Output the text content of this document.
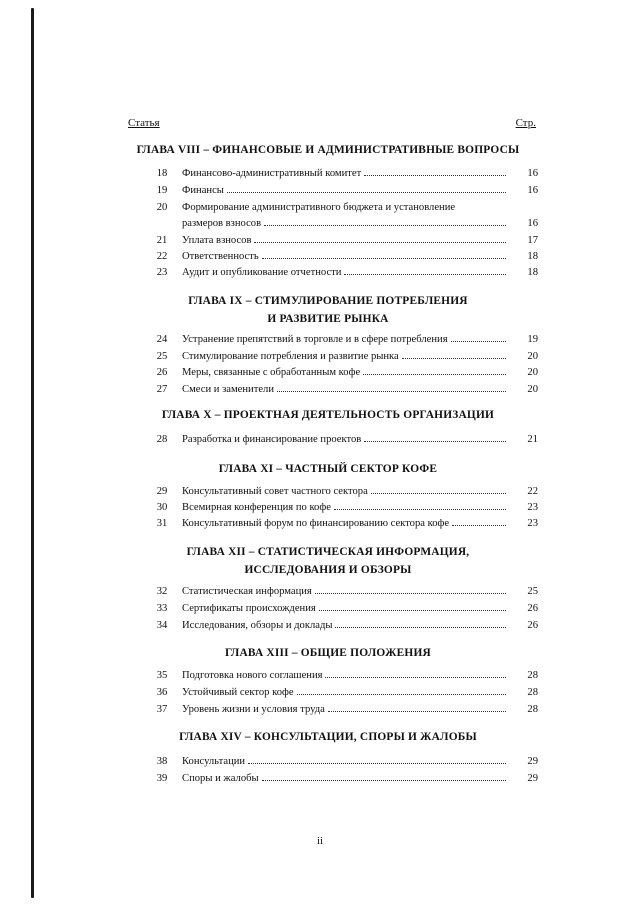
Статья	Стр.
ГЛАВА VIII – ФИНАНСОВЫЕ И АДМИНИСТРАТИВНЫЕ ВОПРОСЫ
18	Финансово-административный комитет	16
19	Финансы	16
20	Формирование административного бюджета и установление
размеров взносов	16
21	Уплата взносов	17
22	Ответственность	18
23	Аудит и опубликование отчетности	18
ГЛАВА IX – СТИМУЛИРОВАНИЕ ПОТРЕБЛЕНИЯ
И РАЗВИТИЕ РЫНКА
24	Устранение препятствий в торговле и в сфере потребления	19
25	Стимулирование потребления и развитие рынка	20
26	Меры, связанные с обработанным кофе	20
27	Смеси и заменители	20
ГЛАВА X – ПРОЕКТНАЯ ДЕЯТЕЛЬНОСТЬ ОРГАНИЗАЦИИ
28	Разработка и финансирование проектов	21
ГЛАВА XI – ЧАСТНЫЙ СЕКТОР КОФЕ
29	Консультативный совет частного сектора	22
30	Всемирная конференция по кофе	23
31	Консультативный форум по финансированию сектора кофе	23
ГЛАВА XII – СТАТИСТИЧЕСКАЯ ИНФОРМАЦИЯ,
ИССЛЕДОВАНИЯ И ОБЗОРЫ
32	Статистическая информация	25
33	Сертификаты происхождения	26
34	Исследования, обзоры и доклады	26
ГЛАВА XIII – ОБЩИЕ ПОЛОЖЕНИЯ
35	Подготовка нового соглашения	28
36	Устойчивый сектор кофе	28
37	Уровень жизни и условия труда	28
ГЛАВА XIV – КОНСУЛЬТАЦИИ, СПОРЫ И ЖАЛОБЫ
38	Консультации	29
39	Споры и жалобы	29
ii
